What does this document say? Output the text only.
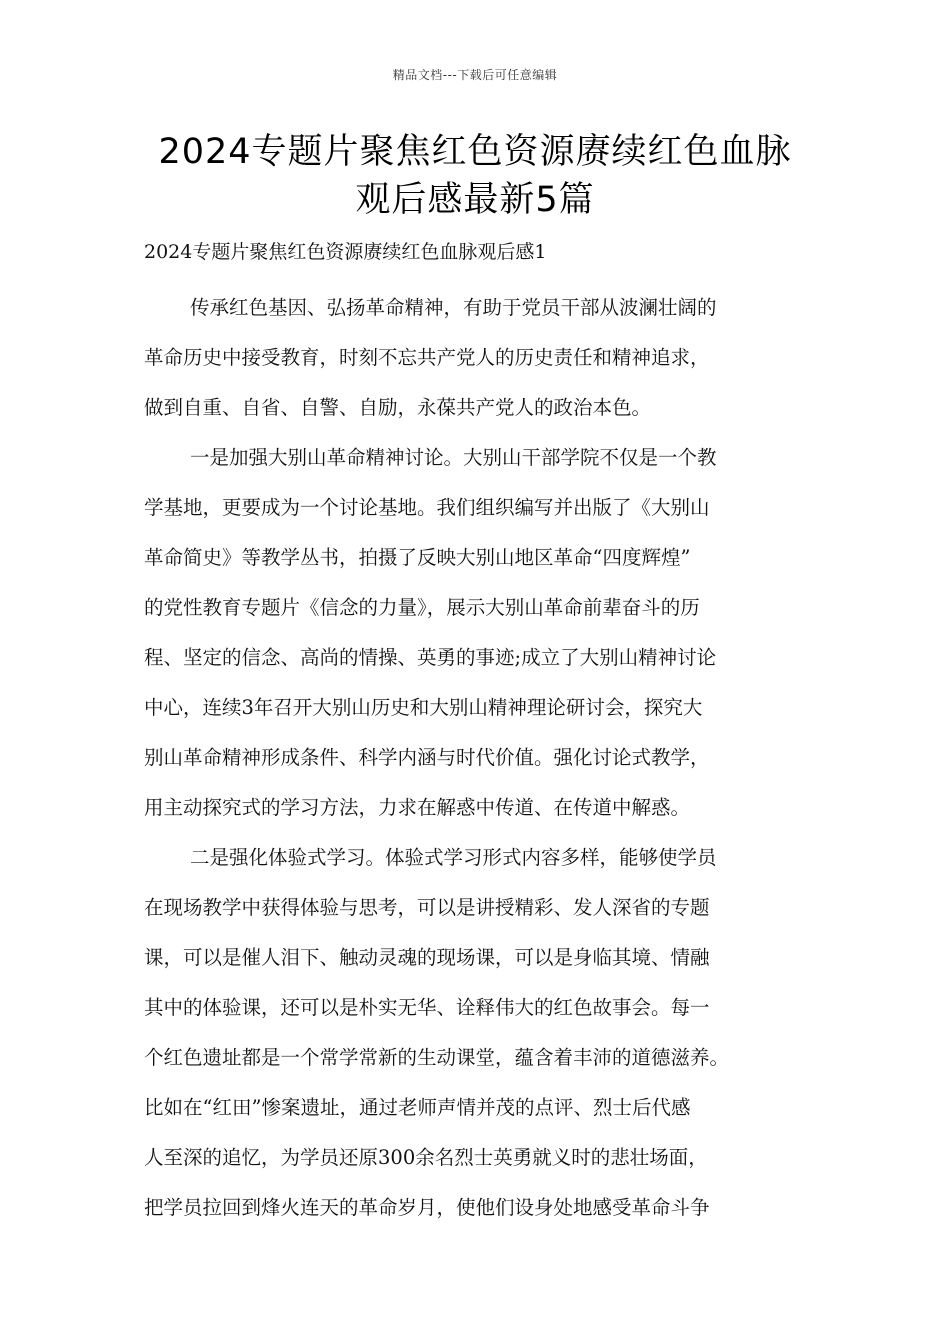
精品文档---下载后可任意编辑
2024专题片聚焦红色资源赓续红色血脉
观后感最新5篇
2024专题片聚焦红色资源赓续红色血脉观后感1

传承红色基因、弘扬革命精神，有助于党员干部从波澜壮阔的
革命历史中接受教育，时刻不忘共产党人的历史责任和精神追求，
做到自重、自省、自警、自励，永葆共产党人的政治本色。

一是加强大别山革命精神讨论。大别山干部学院不仅是一个教
学基地，更要成为一个讨论基地。我们组织编写并出版了《大别山
革命简史》等教学丛书，拍摄了反映大别山地区革命“四度辉煌”
的党性教育专题片《信念的力量》，展示大别山革命前辈奋斗的历
程、坚定的信念、高尚的情操、英勇的事迹;成立了大别山精神讨论
中心，连续3年召开大别山历史和大别山精神理论研讨会，探究大
别山革命精神形成条件、科学内涵与时代价值。强化讨论式教学，
用主动探究式的学习方法，力求在解惑中传道、在传道中解惑。

二是强化体验式学习。体验式学习形式内容多样，能够使学员
在现场教学中获得体验与思考，可以是讲授精彩、发人深省的专题
课，可以是催人泪下、触动灵魂的现场课，可以是身临其境、情融
其中的体验课，还可以是朴实无华、诠释伟大的红色故事会。每一
个红色遗址都是一个常学常新的生动课堂，蕴含着丰沛的道德滋养。
比如在“红田”惨案遗址，通过老师声情并茂的点评、烈士后代感
人至深的追忆，为学员还原300余名烈士英勇就义时的悲壮场面，
把学员拉回到烽火连天的革命岁月，使他们设身处地感受革命斗争
